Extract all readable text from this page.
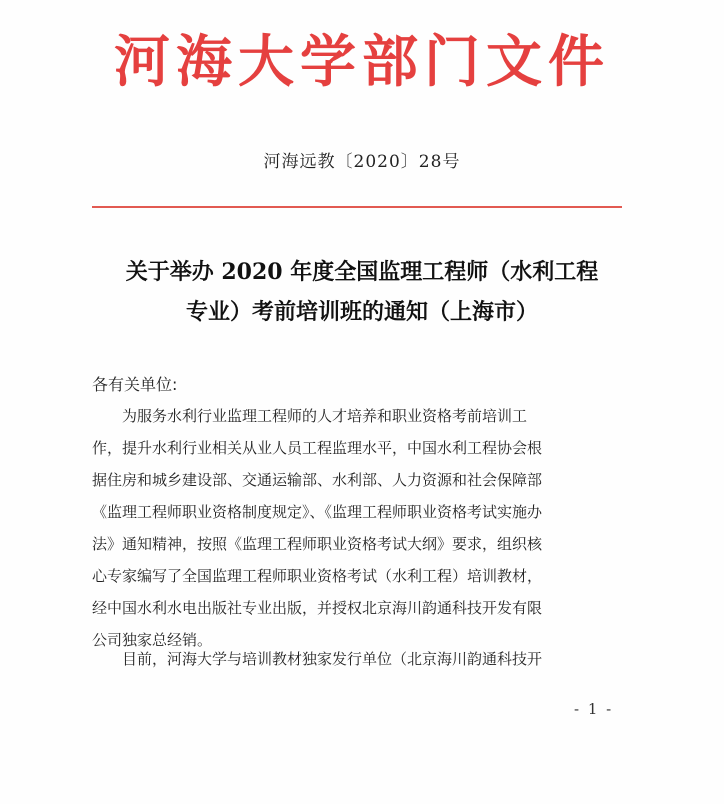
河海大学部门文件
河海远教〔2020〕28号
关于举办 2020 年度全国监理工程师（水利工程
专业）考前培训班的通知（上海市）
各有关单位:
　　为服务水利行业监理工程师的人才培养和职业资格考前培训工
作，提升水利行业相关从业人员工程监理水平，中国水利工程协会根
据住房和城乡建设部、交通运输部、水利部、人力资源和社会保障部
《监理工程师职业资格制度规定》、《监理工程师职业资格考试实施办
法》通知精神，按照《监理工程师职业资格考试大纲》要求，组织核
心专家编写了全国监理工程师职业资格考试（水利工程）培训教材，
经中国水利水电出版社专业出版，并授权北京海川韵通科技开发有限
公司独家总经销。
　　目前，河海大学与培训教材独家发行单位（北京海川韵通科技开
- 1 -
